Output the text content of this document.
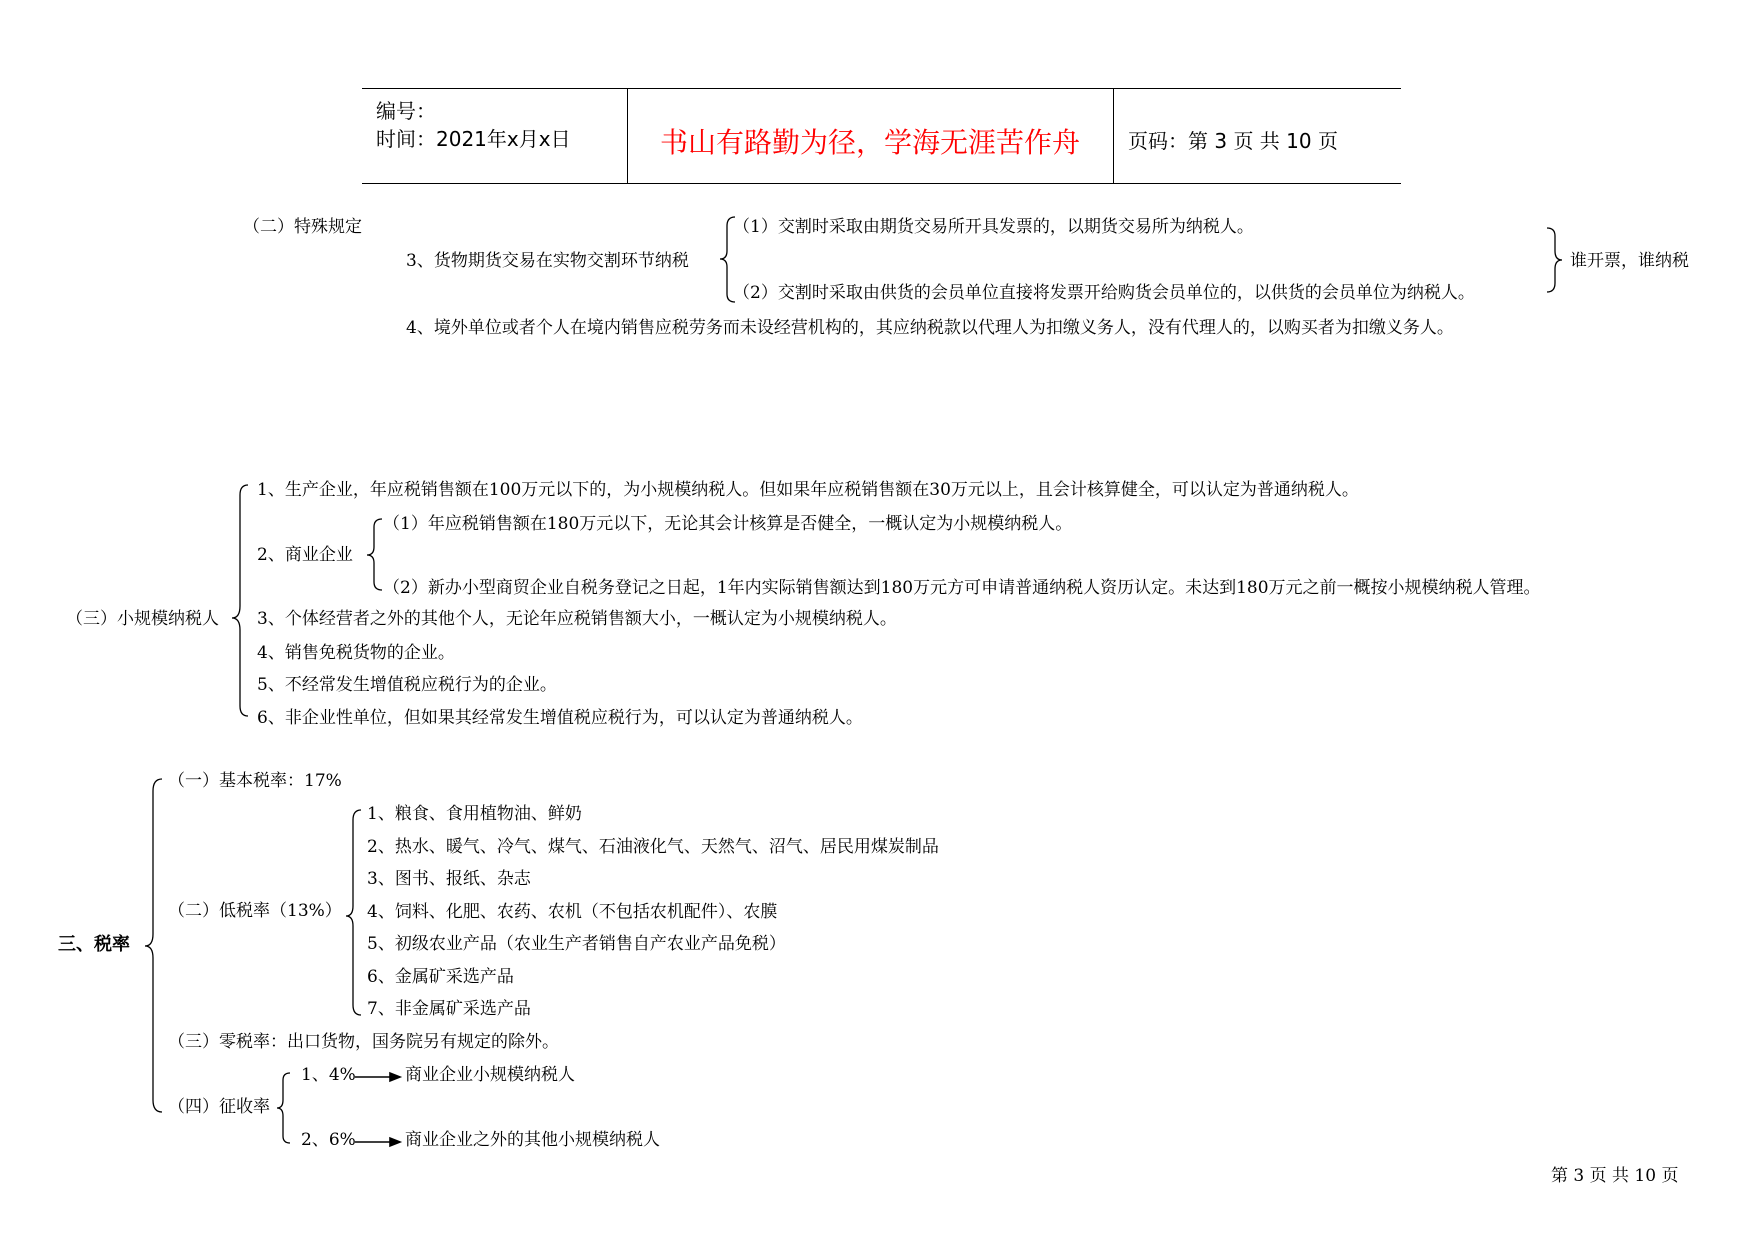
编号：
时间：2021年x月x日	书山有路勤为径，学海无涯苦作舟	页码：第 3 页 共 10 页
（二）特殊规定
3、货物期货交易在实物交割环节纳税
（1）交割时采取由期货交易所开具发票的，以期货交易所为纳税人。
（2）交割时采取由供货的会员单位直接将发票开给购货会员单位的，以供货的会员单位为纳税人。
谁开票，谁纳税
4、境外单位或者个人在境内销售应税劳务而未设经营机构的，其应纳税款以代理人为扣缴义务人，没有代理人的，以购买者为扣缴义务人。
（三）小规模纳税人
1、生产企业，年应税销售额在100万元以下的，为小规模纳税人。但如果年应税销售额在30万元以上，且会计核算健全，可以认定为普通纳税人。
2、商业企业
（1）年应税销售额在180万元以下，无论其会计核算是否健全，一概认定为小规模纳税人。
（2）新办小型商贸企业自税务登记之日起，1年内实际销售额达到180万元方可申请普通纳税人资历认定。未达到180万元之前一概按小规模纳税人管理。
3、个体经营者之外的其他个人，无论年应税销售额大小，一概认定为小规模纳税人。
4、销售免税货物的企业。
5、不经常发生增值税应税行为的企业。
6、非企业性单位，但如果其经常发生增值税应税行为，可以认定为普通纳税人。
三、税率
（一）基本税率：17%
（二）低税率（13%）
1、粮食、食用植物油、鲜奶
2、热水、暖气、冷气、煤气、石油液化气、天然气、沼气、居民用煤炭制品
3、图书、报纸、杂志
4、饲料、化肥、农药、农机（不包括农机配件）、农膜
5、初级农业产品（农业生产者销售自产农业产品免税）
6、金属矿采选产品
7、非金属矿采选产品
（三）零税率：出口货物，国务院另有规定的除外。
（四）征收率
1、4%	商业企业小规模纳税人
2、6%	商业企业之外的其他小规模纳税人
第 3 页 共 10 页
